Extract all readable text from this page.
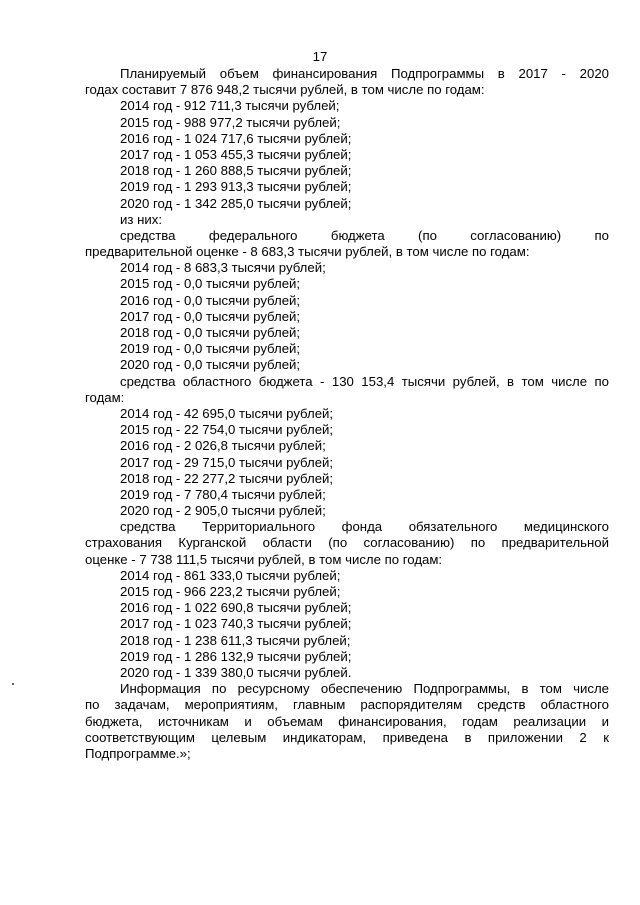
17
Планируемый объем финансирования Подпрограммы в 2017 - 2020
годах составит 7 876 948,2 тысячи рублей, в том числе по годам:
2014 год - 912 711,3 тысячи рублей;
2015 год - 988 977,2 тысячи рублей;
2016 год - 1 024 717,6 тысячи рублей;
2017 год - 1 053 455,3 тысячи рублей;
2018 год - 1 260 888,5 тысячи рублей;
2019 год - 1 293 913,3 тысячи рублей;
2020 год - 1 342 285,0 тысячи рублей;
из них:
средства федерального бюджета (по согласованию) по
предварительной оценке - 8 683,3 тысячи рублей, в том числе по годам:
2014 год - 8 683,3 тысячи рублей;
2015 год - 0,0 тысячи рублей;
2016 год - 0,0 тысячи рублей;
2017 год - 0,0 тысячи рублей;
2018 год - 0,0 тысячи рублей;
2019 год - 0,0 тысячи рублей;
2020 год - 0,0 тысячи рублей;
средства областного бюджета - 130 153,4 тысячи рублей, в том числе по
годам:
2014 год - 42 695,0 тысячи рублей;
2015 год - 22 754,0 тысячи рублей;
2016 год - 2 026,8 тысячи рублей;
2017 год - 29 715,0 тысячи рублей;
2018 год - 22 277,2 тысячи рублей;
2019 год - 7 780,4 тысячи рублей;
2020 год - 2 905,0 тысячи рублей;
средства Территориального фонда обязательного медицинского
страхования Курганской области (по согласованию) по предварительной
оценке - 7 738 111,5 тысячи рублей, в том числе по годам:
2014 год - 861 333,0 тысячи рублей;
2015 год - 966 223,2 тысячи рублей;
2016 год - 1 022 690,8 тысячи рублей;
2017 год - 1 023 740,3 тысячи рублей;
2018 год - 1 238 611,3 тысячи рублей;
2019 год - 1 286 132,9 тысячи рублей;
2020 год - 1 339 380,0 тысячи рублей.
Информация по ресурсному обеспечению Подпрограммы, в том числе
по задачам, мероприятиям, главным распорядителям средств областного
бюджета, источникам и объемам финансирования, годам реализации и
соответствующим целевым индикаторам, приведена в приложении 2 к
Подпрограмме.»;
